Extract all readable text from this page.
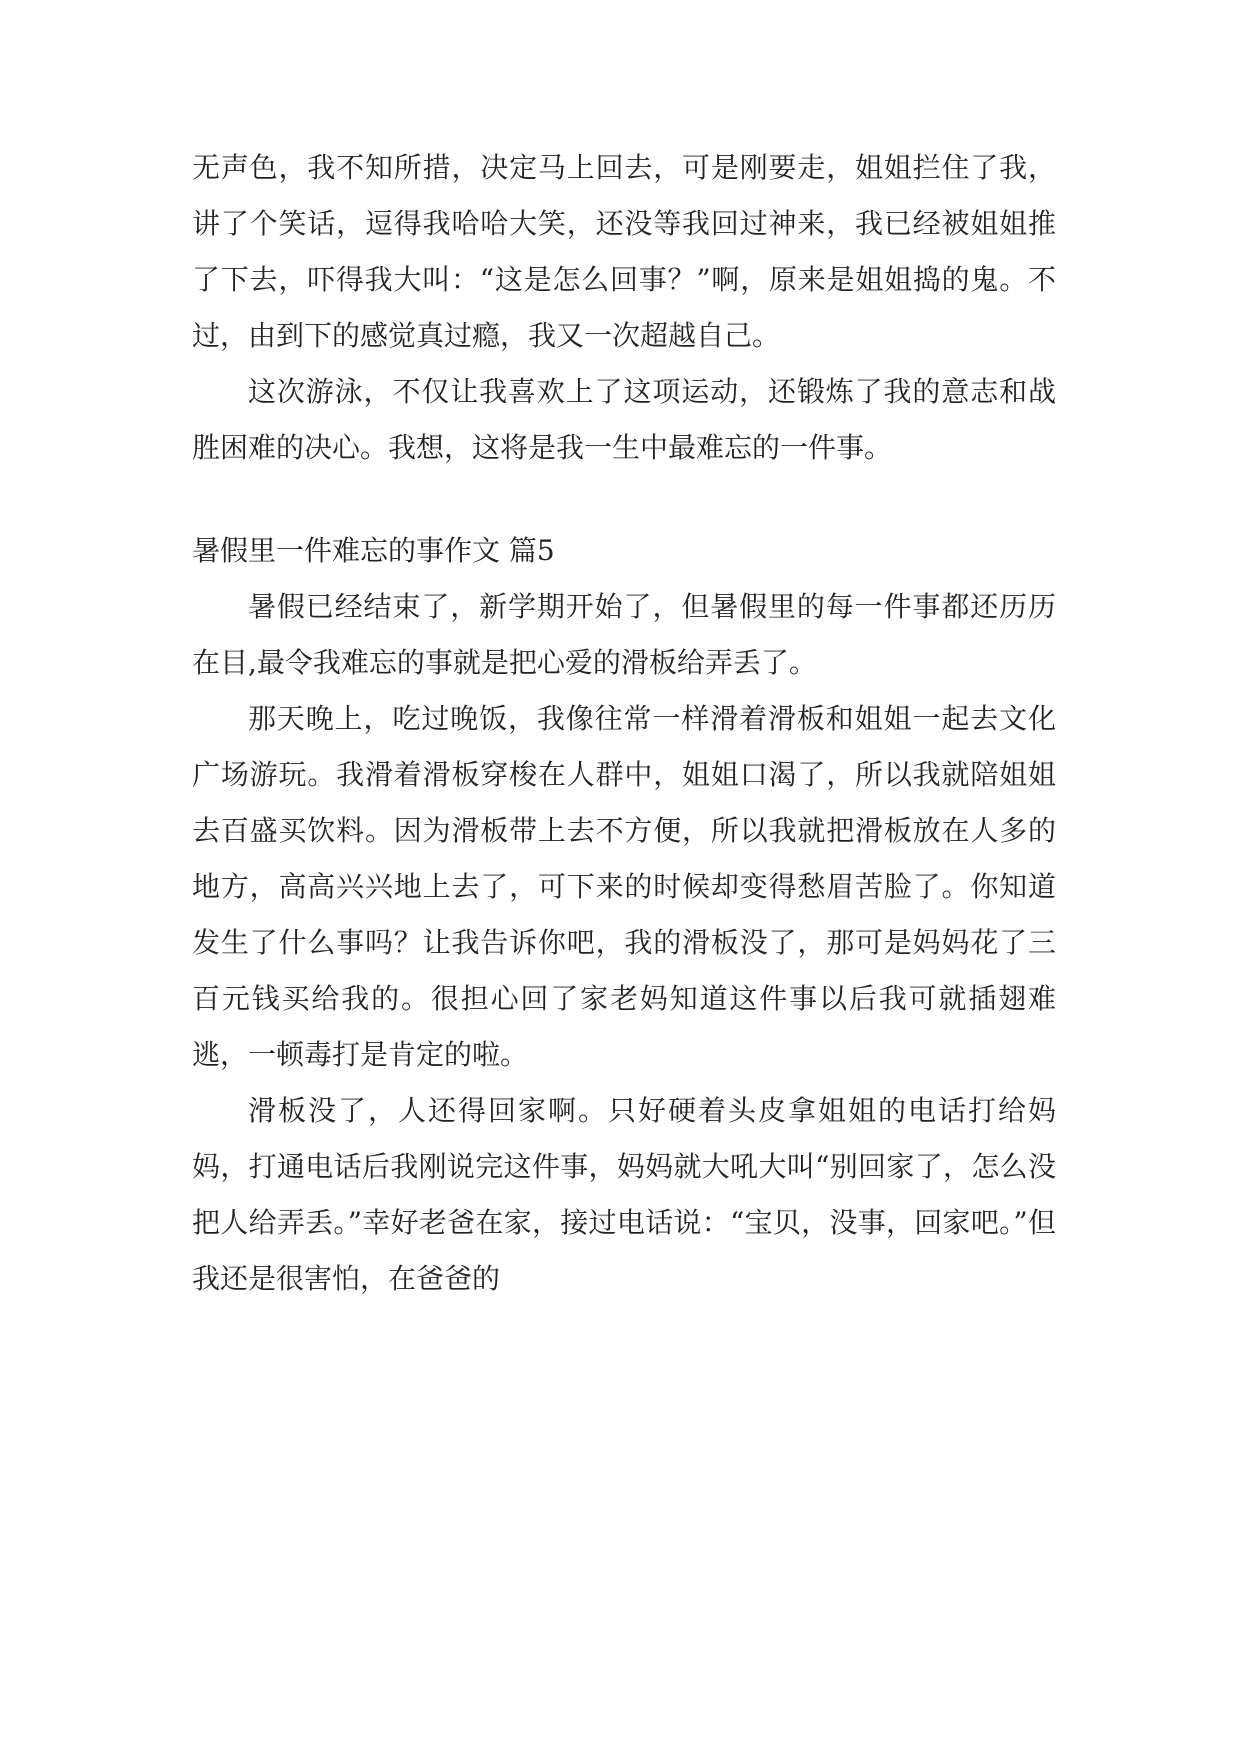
无声色，我不知所措，决定马上回去，可是刚要走，姐姐拦住了我，讲了个笑话，逗得我哈哈大笑，还没等我回过神来，我已经被姐姐推了下去，吓得我大叫：“这是怎么回事？”啊，原来是姐姐捣的鬼。不过，由到下的感觉真过瘾，我又一次超越自己。

这次游泳，不仅让我喜欢上了这项运动，还锻炼了我的意志和战胜困难的决心。我想，这将是我一生中最难忘的一件事。

暑假里一件难忘的事作文 篇5

暑假已经结束了，新学期开始了，但暑假里的每一件事都还历历在目,最令我难忘的事就是把心爱的滑板给弄丢了。

那天晚上，吃过晚饭，我像往常一样滑着滑板和姐姐一起去文化广场游玩。我滑着滑板穿梭在人群中，姐姐口渴了，所以我就陪姐姐去百盛买饮料。因为滑板带上去不方便，所以我就把滑板放在人多的地方，高高兴兴地上去了，可下来的时候却变得愁眉苦脸了。你知道发生了什么事吗？让我告诉你吧，我的滑板没了，那可是妈妈花了三百元钱买给我的。很担心回了家老妈知道这件事以后我可就插翅难逃，一顿毒打是肯定的啦。

滑板没了，人还得回家啊。只好硬着头皮拿姐姐的电话打给妈妈，打通电话后我刚说完这件事，妈妈就大吼大叫“别回家了，怎么没把人给弄丢。”幸好老爸在家，接过电话说：“宝贝，没事，回家吧。”但我还是很害怕，在爸爸的
